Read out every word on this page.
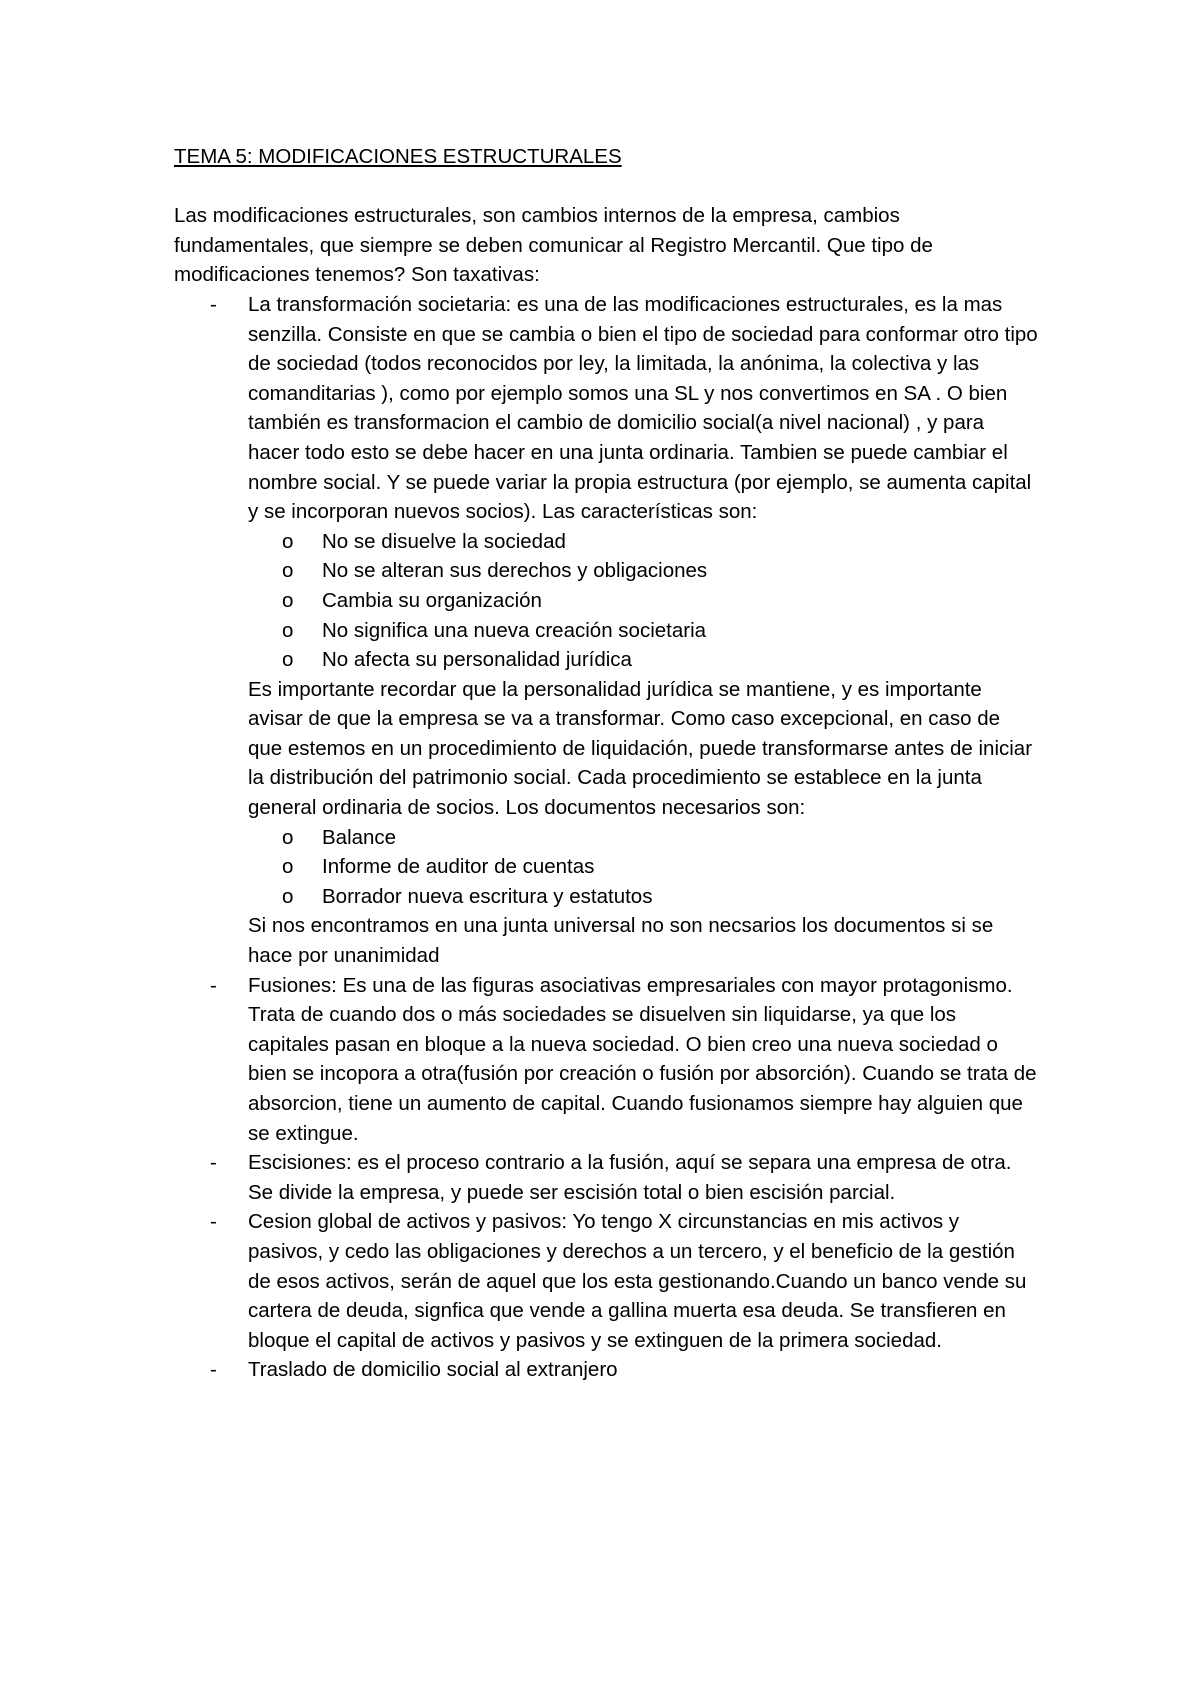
TEMA 5: MODIFICACIONES ESTRUCTURALES

Las modificaciones estructurales, son cambios internos de la empresa, cambios fundamentales, que siempre se deben comunicar al Registro Mercantil. Que tipo de modificaciones tenemos? Son taxativas:

- La transformación societaria: es una de las modificaciones estructurales, es la mas senzilla. Consiste en que se cambia o bien el tipo de sociedad para conformar otro tipo de sociedad (todos reconocidos por ley, la limitada, la anónima, la colectiva y las comanditarias ), como por ejemplo somos una SL y nos convertimos en SA . O bien también es transformacion el cambio de domicilio social(a nivel nacional) , y para hacer todo esto se debe hacer en una junta ordinaria. Tambien se puede cambiar el nombre social. Y se puede variar la propia estructura (por ejemplo, se aumenta capital y se incorporan nuevos socios). Las características son:

o No se disuelve la sociedad
o No se alteran sus derechos y obligaciones
o Cambia su organización
o No significa una nueva creación societaria
o No afecta su personalidad jurídica

Es importante recordar que la personalidad jurídica se mantiene, y es importante avisar de que la empresa se va a transformar. Como caso excepcional, en caso de que estemos en un procedimiento de liquidación, puede transformarse antes de iniciar la distribución del patrimonio social. Cada procedimiento se establece en la junta general ordinaria de socios. Los documentos necesarios son:

o Balance
o Informe de auditor de cuentas
o Borrador nueva escritura y estatutos

Si nos encontramos en una junta universal no son necsarios los documentos si se hace por unanimidad

- Fusiones: Es una de las figuras asociativas empresariales con mayor protagonismo. Trata de cuando dos o más sociedades se disuelven sin liquidarse, ya que los capitales pasan en bloque a la nueva sociedad. O bien creo una nueva sociedad o bien se incopora a otra(fusión por creación o fusión por absorción). Cuando se trata de absorcion, tiene un aumento de capital. Cuando fusionamos siempre hay alguien que se extingue.

- Escisiones: es el proceso contrario a la fusión, aquí se separa una empresa de otra. Se divide la empresa, y puede ser escisión total o bien escisión parcial.

- Cesion global de activos y pasivos: Yo tengo X circunstancias en mis activos y pasivos, y cedo las obligaciones y derechos a un tercero, y el beneficio de la gestión de esos activos, serán de aquel que los esta gestionando.Cuando un banco vende su cartera de deuda, signfica que vende a gallina muerta esa deuda. Se transfieren en bloque el capital de activos y pasivos y se extinguen de la primera sociedad.

- Traslado de domicilio social al extranjero
